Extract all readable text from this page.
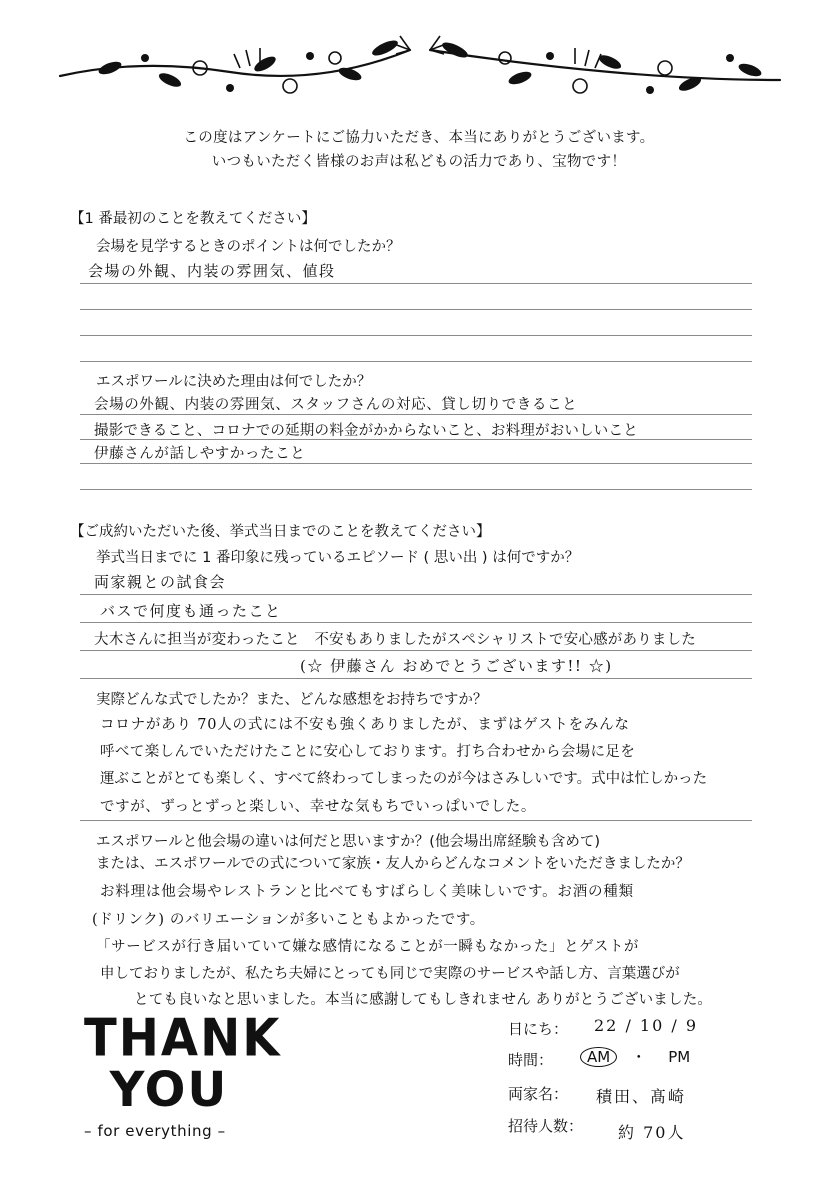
この度はアンケートにご協力いただき、本当にありがとうございます。
いつもいただく皆様のお声は私どもの活力であり、宝物です！
【1 番最初のことを教えてください】
会場を見学するときのポイントは何でしたか？
会場の外観、内装の雰囲気、値段
エスポワールに決めた理由は何でしたか？
会場の外観、内装の雰囲気、スタッフさんの対応、貸し切りできること
撮影できること、コロナでの延期の料金がかからないこと、お料理がおいしいこと
伊藤さんが話しやすかったこと
【ご成約いただいた後、挙式当日までのことを教えてください】
挙式当日までに 1 番印象に残っているエピソード ( 思い出 ) は何ですか？
両家親との試食会
バスで何度も通ったこと
大木さんに担当が変わったこと　不安もありましたがスペシャリストで安心感がありました
(☆ 伊藤さん おめでとうございます!! ☆)
実際どんな式でしたか？また、どんな感想をお持ちですか？
コロナがあり 70人の式には不安も強くありましたが、まずはゲストをみんな
呼べて楽しんでいただけたことに安心しております。打ち合わせから会場に足を
運ぶことがとても楽しく、すべて終わってしまったのが今はさみしいです。式中は忙しかった
ですが、ずっとずっと楽しい、幸せな気もちでいっぱいでした。
エスポワールと他会場の違いは何だと思いますか？(他会場出席経験も含めて)
または、エスポワールでの式について家族・友人からどんなコメントをいただきましたか？
お料理は他会場やレストランと比べてもすばらしく美味しいです。お酒の種類
(ドリンク) のバリエーションが多いこともよかったです。
「サービスが行き届いていて嫌な感情になることが一瞬もなかった」とゲストが
申しておりましたが、私たち夫婦にとっても同じで実際のサービスや話し方、言葉選びが
とても良いなと思いました。本当に感謝してもしきれません ありがとうございました。
THANK
YOU
– for everything –
日にち： 22 / 10 / 9
時間：	AM ・ PM
両家名： 積田、髙崎
招待人数： 約 70人
